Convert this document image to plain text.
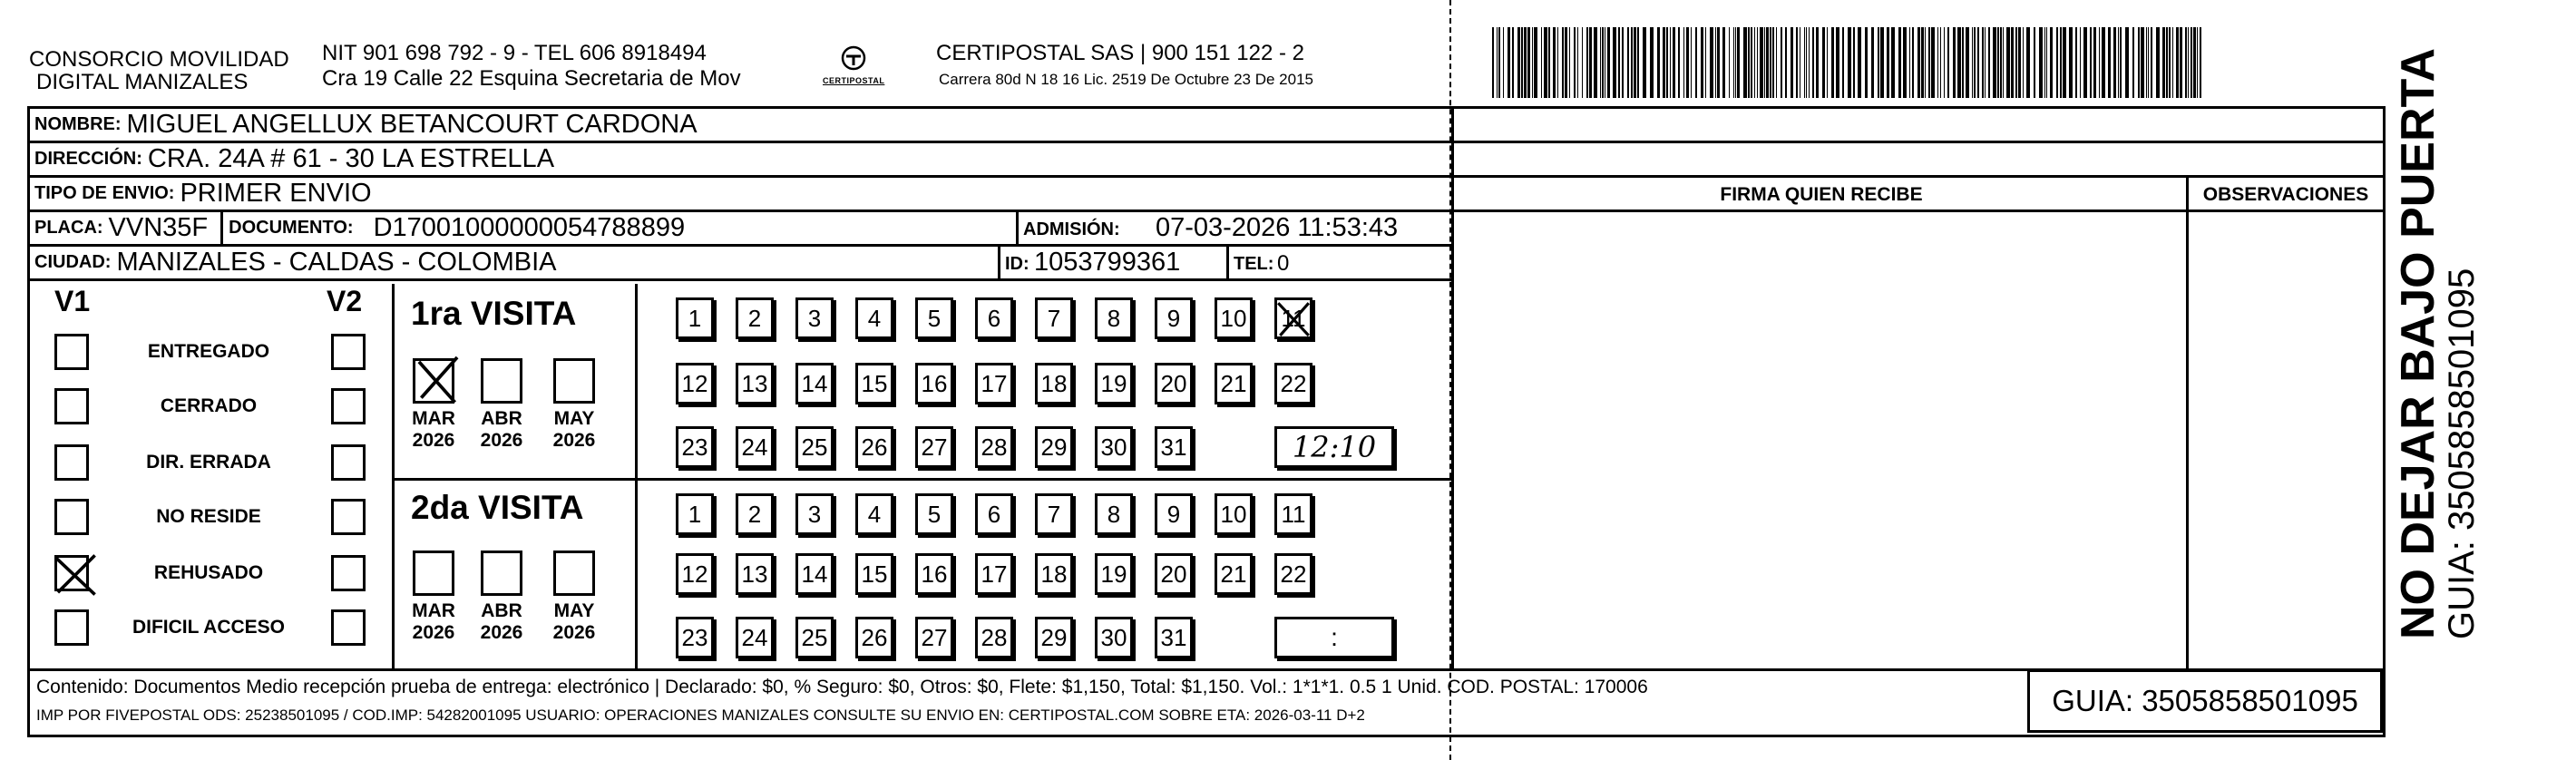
CONSORCIO MOVILIDAD
DIGITAL MANIZALES
NIT 901 698 792 - 9 - TEL 606 8918494
Cra 19 Calle 22 Esquina Secretaria de Mov	CERTIPOSTAL
CERTIPOSTAL SAS | 900 151 122 - 2
Carrera 80d N 18 16 Lic. 2519 De Octubre 23 De 2015
NOMBRE: MIGUEL ANGELLUX BETANCOURT CARDONA
DIRECCIÓN: CRA. 24A # 61 - 30 LA ESTRELLA
TIPO DE ENVIO: PRIMER ENVIO	FIRMA QUIEN RECIBE	OBSERVACIONES
PLACA: VVN35F DOCUMENTO: D17001000000054788899	ADMISIÓN: 07-03-2026 11:53:43
CIUDAD: MANIZALES - CALDAS - COLOMBIA	ID: 1053799361	TEL: 0
V1	V2
ENTREGADO
CERRADO
DIR. ERRADA
NO RESIDE
REHUSADO
DIFICIL ACCESO
1ra VISITA
MAR
2026
ABR
2026
MAY
2026
1	2	3	4	5	6	7	8	9	10 11
12 13 14 15 16 17 18 19 20 21 22
23 24 25 26 27 28 29 30 31	12:10
2da VISITA
MAR
2026
ABR
2026
MAY
2026
1	2	3	4	5	6	7	8	9	10 11
12 13 14 15 16 17 18 19 20 21 22
23 24 25 26 27 28 29 30 31	:
Contenido: Documentos Medio recepción prueba de entrega: electrónico | Declarado: $0, % Seguro: $0, Otros: $0, Flete: $1,150, Total: $1,150. Vol.: 1*1*1. 0.5 1 Unid. COD. POSTAL: 170006
IMP POR FIVEPOSTAL ODS: 25238501095 / COD.IMP: 54282001095 USUARIO: OPERACIONES MANIZALES CONSULTE SU ENVIO EN: CERTIPOSTAL.COM SOBRE ETA: 2026-03-11 D+2	GUIA: 3505858501095
NO DEJAR BAJO PUERTA
GUIA: 3505858501095
